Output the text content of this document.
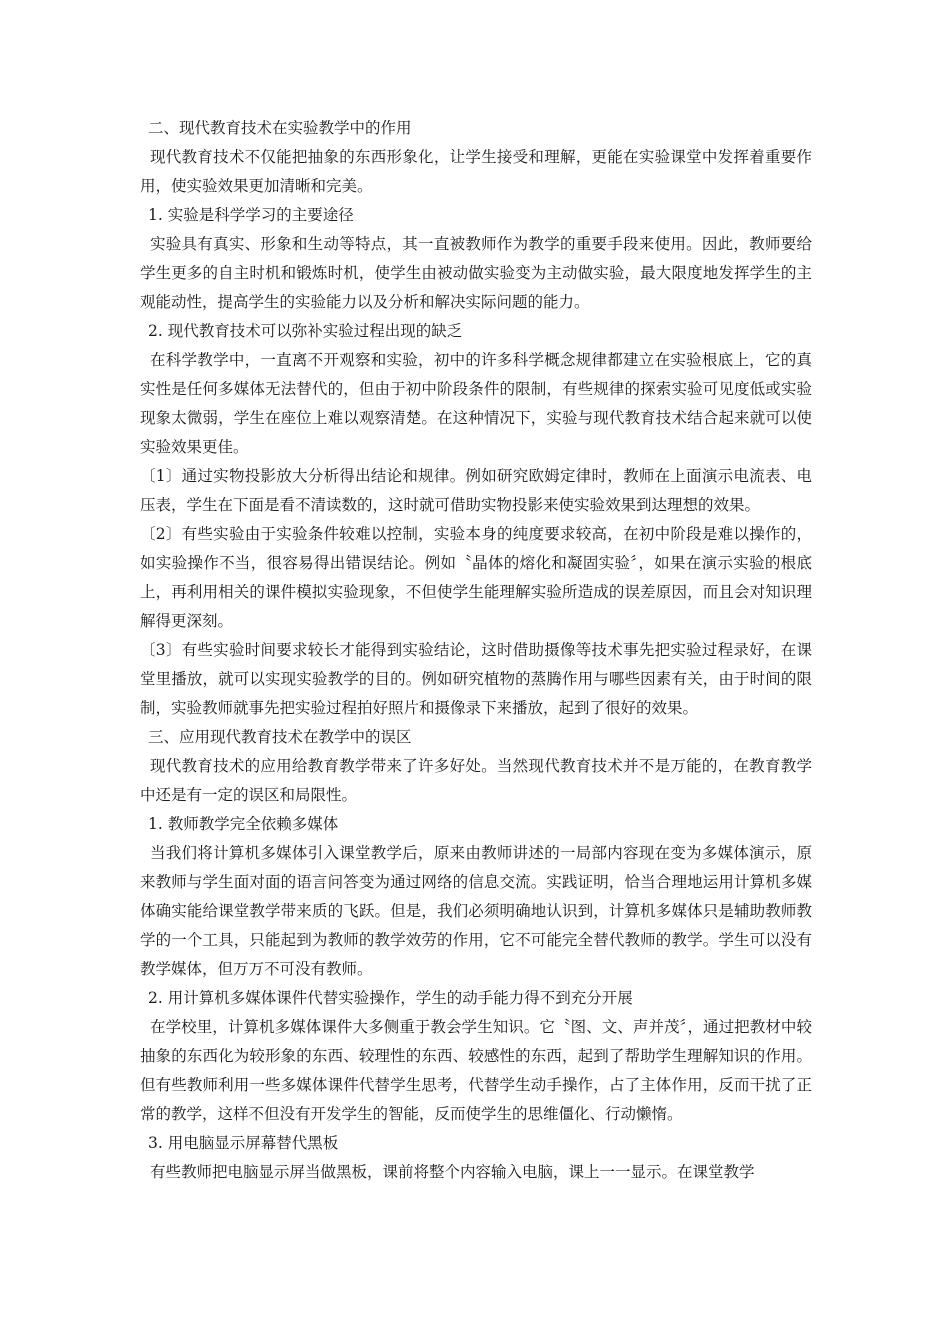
二、现代教育技术在实验教学中的作用

现代教育技术不仅能把抽象的东西形象化，让学生接受和理解，更能在实验课堂中发挥着重要作用，使实验效果更加清晰和完美。

1. 实验是科学学习的主要途径

实验具有真实、形象和生动等特点，其一直被教师作为教学的重要手段来使用。因此，教师要给学生更多的自主时机和锻炼时机，使学生由被动做实验变为主动做实验，最大限度地发挥学生的主观能动性，提高学生的实验能力以及分析和解决实际问题的能力。

2. 现代教育技术可以弥补实验过程出现的缺乏

在科学教学中，一直离不开观察和实验，初中的许多科学概念规律都建立在实验根底上，它的真实性是任何多媒体无法替代的，但由于初中阶段条件的限制，有些规律的探索实验可见度低或实验现象太微弱，学生在座位上难以观察清楚。在这种情况下，实验与现代教育技术结合起来就可以使实验效果更佳。

〔1〕通过实物投影放大分析得出结论和规律。例如研究欧姆定律时，教师在上面演示电流表、电压表，学生在下面是看不清读数的，这时就可借助实物投影来使实验效果到达理想的效果。

〔2〕有些实验由于实验条件较难以控制，实验本身的纯度要求较高，在初中阶段是难以操作的，如实验操作不当，很容易得出错误结论。例如〝晶体的熔化和凝固实验〞，如果在演示实验的根底上，再利用相关的课件模拟实验现象，不但使学生能理解实验所造成的误差原因，而且会对知识理解得更深刻。

〔3〕有些实验时间要求较长才能得到实验结论，这时借助摄像等技术事先把实验过程录好，在课堂里播放，就可以实现实验教学的目的。例如研究植物的蒸腾作用与哪些因素有关，由于时间的限制，实验教师就事先把实验过程拍好照片和摄像录下来播放，起到了很好的效果。

三、应用现代教育技术在教学中的误区

现代教育技术的应用给教育教学带来了许多好处。当然现代教育技术并不是万能的，在教育教学中还是有一定的误区和局限性。

1. 教师教学完全依赖多媒体

当我们将计算机多媒体引入课堂教学后，原来由教师讲述的一局部内容现在变为多媒体演示，原来教师与学生面对面的语言问答变为通过网络的信息交流。实践证明，恰当合理地运用计算机多媒体确实能给课堂教学带来质的飞跃。但是，我们必须明确地认识到，计算机多媒体只是辅助教师教学的一个工具，只能起到为教师的教学效劳的作用，它不可能完全替代教师的教学。学生可以没有教学媒体，但万万不可没有教师。

2. 用计算机多媒体课件代替实验操作，学生的动手能力得不到充分开展

在学校里，计算机多媒体课件大多侧重于教会学生知识。它〝图、文、声并茂〞，通过把教材中较抽象的东西化为较形象的东西、较理性的东西、较感性的东西，起到了帮助学生理解知识的作用。但有些教师利用一些多媒体课件代替学生思考，代替学生动手操作，占了主体作用，反而干扰了正常的教学，这样不但没有开发学生的智能，反而使学生的思维僵化、行动懒惰。

3. 用电脑显示屏幕替代黑板

有些教师把电脑显示屏当做黑板，课前将整个内容输入电脑，课上一一显示。在课堂教学
